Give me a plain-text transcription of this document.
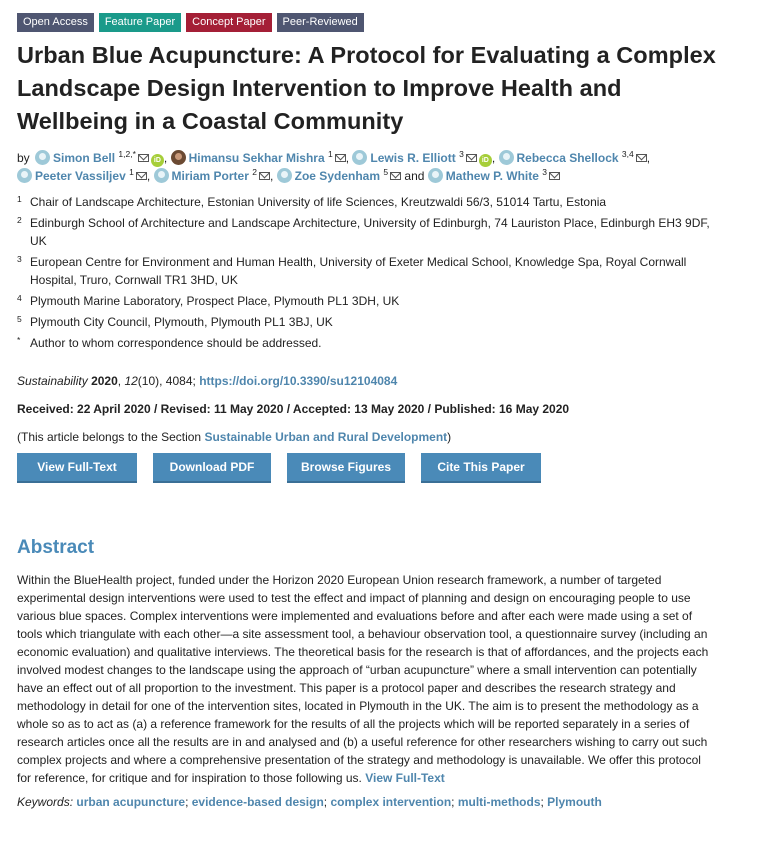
Open Access	Feature Paper	Concept Paper	Peer-Reviewed
Urban Blue Acupuncture: A Protocol for Evaluating a Complex Landscape Design Intervention to Improve Health and Wellbeing in a Coastal Community
by Simon Bell $^{1,2,*}$iD , Himansu Sekhar Mishra $^1$ , Lewis R. Elliott $^3$iD , Rebecca Shellock $^{3,4}$ , Peeter Vassiljev $^1$ , Miriam Porter $^2$ , Zoe Sydenham $^5$ and Mathew P. White $^3$
1 Chair of Landscape Architecture, Estonian University of life Sciences, Kreutzwaldi 56/3, 51014 Tartu, Estonia
2 Edinburgh School of Architecture and Landscape Architecture, University of Edinburgh, 74 Lauriston Place, Edinburgh EH3 9DF, UK
3 European Centre for Environment and Human Health, University of Exeter Medical School, Knowledge Spa, Royal Cornwall Hospital, Truro, Cornwall TR1 3HD, UK
4 Plymouth Marine Laboratory, Prospect Place, Plymouth PL1 3DH, UK
5 Plymouth City Council, Plymouth, Plymouth PL1 3BJ, UK
* Author to whom correspondence should be addressed.
Sustainability 2020, 12(10), 4084; https://doi.org/10.3390/su12104084
Received: 22 April 2020 / Revised: 11 May 2020 / Accepted: 13 May 2020 / Published: 16 May 2020
(This article belongs to the Section Sustainable Urban and Rural Development)
View Full-Text	Download PDF	Browse Figures	Cite This Paper
Abstract
Within the BlueHealth project, funded under the Horizon 2020 European Union research framework, a number of targeted experimental design interventions were used to test the effect and impact of planning and design on encouraging people to use various blue spaces. Complex interventions were implemented and evaluations before and after each were made using a set of tools which triangulate with each other—a site assessment tool, a behaviour observation tool, a questionnaire survey (including an economic evaluation) and qualitative interviews. The theoretical basis for the research is that of affordances, and the projects each involved modest changes to the landscape using the approach of “urban acupuncture” where a small intervention can potentially have an effect out of all proportion to the investment. This paper is a protocol paper and describes the research strategy and methodology in detail for one of the intervention sites, located in Plymouth in the UK. The aim is to present the methodology as a whole so as to act as (a) a reference framework for the results of all the projects which will be reported separately in a series of research articles once all the results are in and analysed and (b) a useful reference for other researchers wishing to carry out such complex projects and where a comprehensive presentation of the strategy and methodology is unavailable. We offer this protocol for reference, for critique and for inspiration to those following us. View Full-Text
Keywords: urban acupuncture; evidence-based design; complex intervention; multi-methods; Plymouth
